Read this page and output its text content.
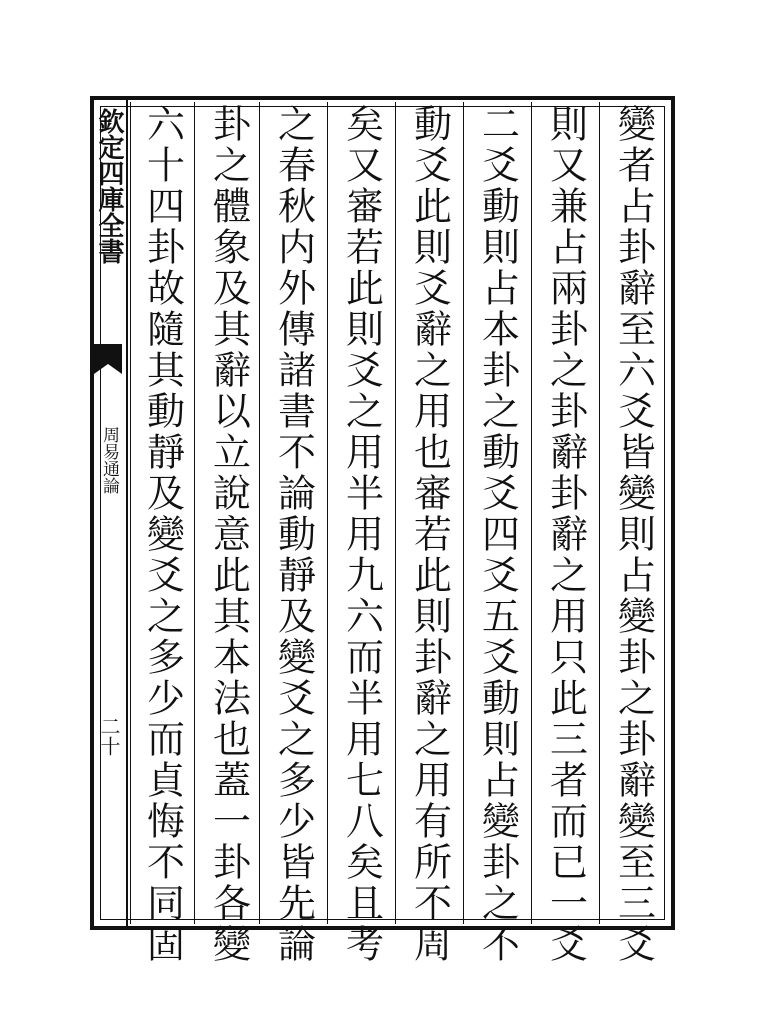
欽定四庫全書
周易通論
二十	變者占卦辭至六爻皆變則占變卦之卦辭變至三爻
則又兼占兩卦之卦辭卦辭之用只此三者而已一爻
二爻動則占本卦之動爻四爻五爻動則占變卦之不
動爻此則爻辭之用也審若此則卦辭之用有所不周
矣又審若此則爻之用半用九六而半用七八矣且考
之春秋内外傳諸書不論動靜及變爻之多少皆先論
卦之體象及其辭以立說意此其本法也蓋一卦各變
六十四卦故隨其動靜及變爻之多少而貞悔不同固
